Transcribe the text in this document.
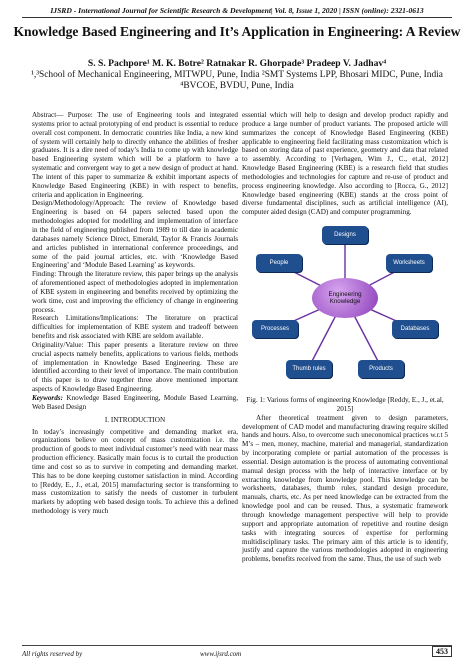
IJSRD - International Journal for Scientific Research & Development| Vol. 8, Issue 1, 2020 | ISSN (online): 2321-0613
Knowledge Based Engineering and It’s Application in Engineering: A Review
S. S. Pachpore¹ M. K. Botre² Ratnakar R. Ghorpade³ Pradeep V. Jadhav⁴
¹,³School of Mechanical Engineering, MITWPU, Pune, India ²SMT Systems LPP, Bhosari MIDC, Pune, India ⁴BVCOE, BVDU, Pune, India

Abstract— Purpose: The use of Engineering tools and integrated systems prior to actual prototyping of end product is essential to reduce overall cost component. In democratic countries like India, a new kind of system will certainly help to directly enhance the abilities of fresher graduates. It is a dire need of today’s India to come up with knowledge based Engineering system which will be a platform to have a systematic and convergent way to get a new design of product at hand. The intent of this paper to summarize & exhibit important aspects of Knowledge Based Engineering (KBE) in with respect to benefits, criteria and application in Engineering.

Design/Methodology/Approach: The review of Knowledge based Engineering is based on 64 papers selected based upon the methodologies adopted for modelling and implementation of interface in the field of engineering published from 1989 to till date in academic databases namely Science Direct, Emerald, Taylor & Francis Journals and articles published in international conference proceedings, and some of the paid journal articles, etc. with ‘Knowledge Based Engineering’ and ‘Module Based Learning’ as keywords.

Finding: Through the literature review, this paper brings up the analysis of aforementioned aspect of methodologies adopted in implementation of KBE system in engineering and benefits received by optimizing the work time, cost and improving the efficiency of change in engineering process.

Research Limitations/Implications: The literature on practical difficulties for implementation of KBE system and tradeoff between benefits and risk associated with KBE are seldom available.

Originality/Value: This paper presents a literature review on three crucial aspects namely benefits, applications to various fields, methods of implementation in Knowledge Based Engineering. These are identified according to their level of importance. The main contribution of this paper is to draw together three above mentioned important aspects of Knowledge Based Engineering.

Keywords: Knowledge Based Engineering, Module Based Learning, Web Based Design

I. INTRODUCTION

In today’s increasingly competitive and demanding market era, organizations believe on concept of mass customization i.e. the production of goods to meet individual customer’s need with near mass production efficiency. Basically main focus is to curtail the production time and cost so as to survive in competing and demanding market. This has to be done keeping customer satisfaction in mind. According to [Reddy, E., J., et.al, 2015] manufacturing sector is transforming to mass customization to satisfy the needs of customer in turbulent markets by adopting web based design tools. To achieve this a defined methodology is very much

essential which will help to design and develop product rapidly and produce a large number of product variants. The proposed article will summarizes the concept of Knowledge Based Engineering (KBE) applicable to engineering field facilitating mass customization which is based on storing data of past experience, geometry and data that related to assembly. According to [Verhagen, Wim J., C., et.al, 2012] Knowledge Based Engineering (KBE) is a research field that studies methodologies and technologies for capture and re-use of product and process engineering knowledge. Also according to [Rocca, G., 2012] Knowledge based engineering (KBE) stands at the cross point of diverse fundamental disciplines, such as artificial intelligence (AI), computer aided design (CAD) and computer programming.

Designs
People	Worksheets
Processes	Databases
Thumb rules	Products
Engineering
Knowledge

Fig. 1: Various forms of engineering Knowledge [Reddy, E., J., et.al, 2015]

After theoretical treatment given to design parameters, development of CAD model and manufacturing drawing require skilled hands and hours. Also, to overcome such uneconomical practices w.r.t 5 M’s – men, money, machine, material and managerial, standardization by incorporating complete or partial automation of the processes is essential. Design automation is the process of automating conventional manual design process with the help of interactive interface or by extracting knowledge from knowledge pool. This knowledge can be worksheets, databases, thumb rules, standard design procedure, manuals, charts, etc. As per need knowledge can be extracted from the knowledge pool and can be reused. Thus, a systematic framework through knowledge management perspective will help to provide support and appropriate automation of repetitive and routine design tasks with integrating sources of expertise for performing multidisciplinary tasks. The primary aim of this article is to identify, justify and capture the various methodologies adopted in engineering problems, benefits received from the same. Thus, the use of such web

All rights reserved by	www.ijsrd.com	453
